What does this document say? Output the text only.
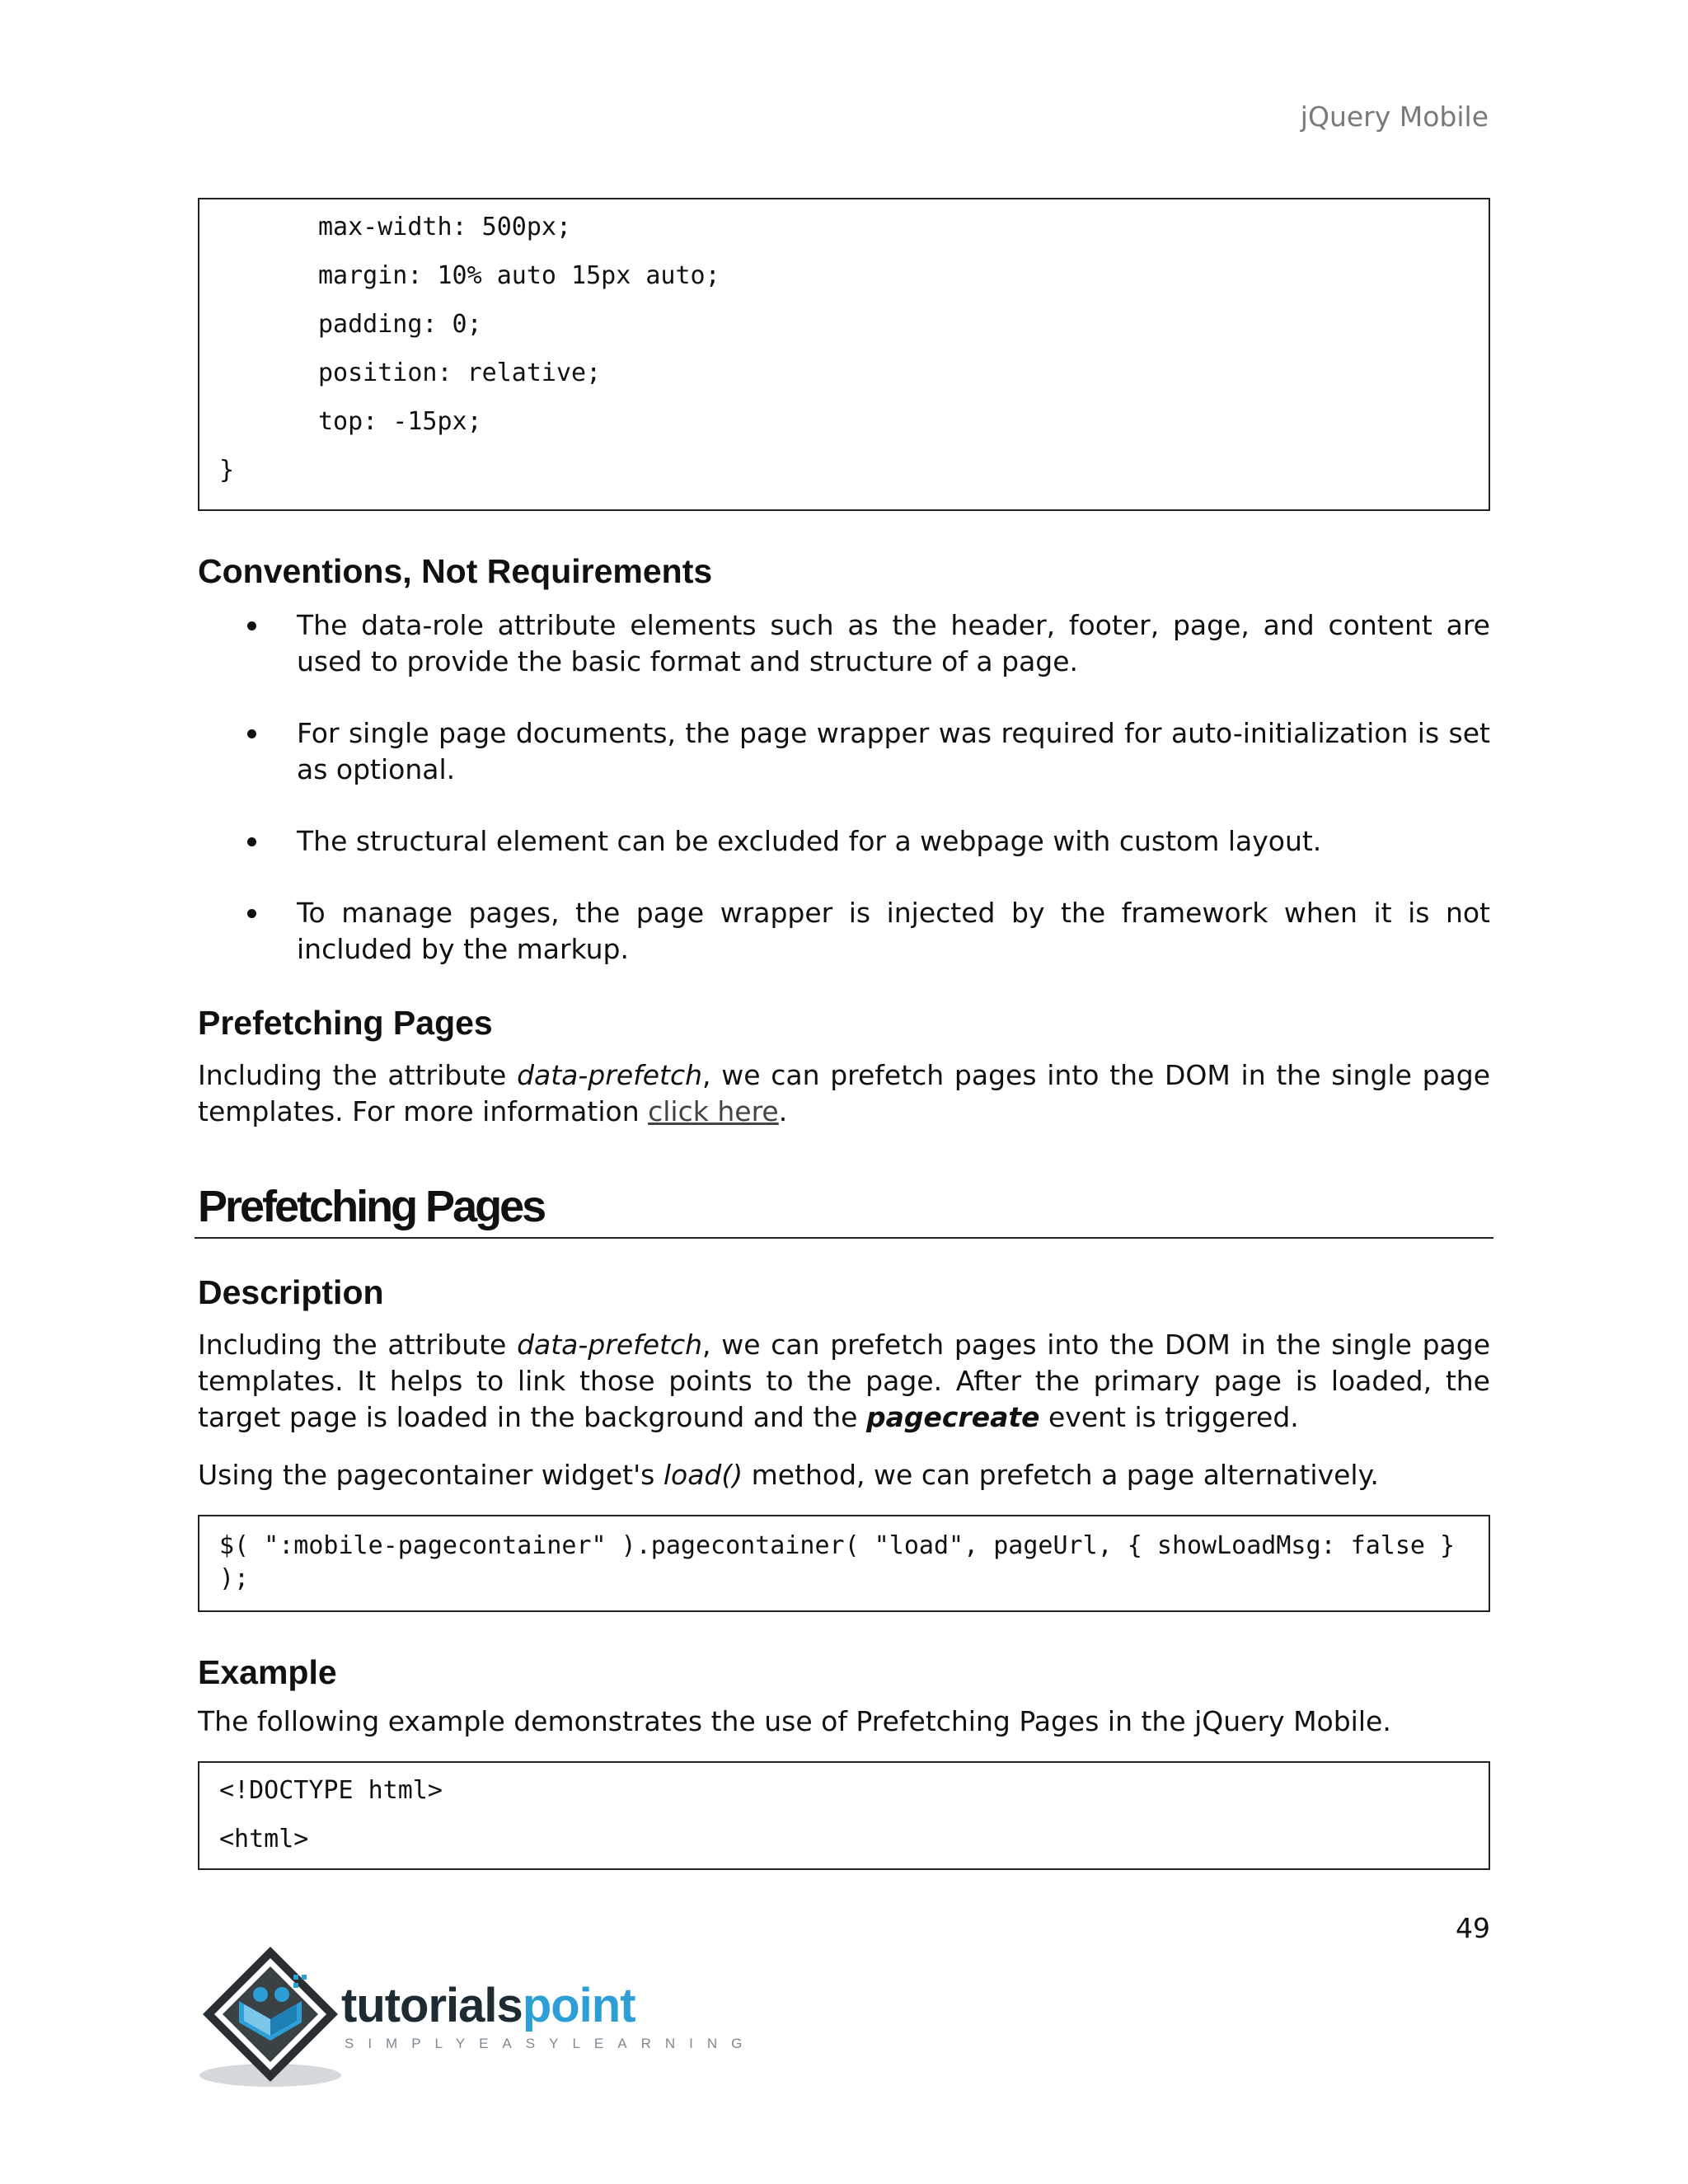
jQuery Mobile
max-width: 500px;
margin: 10% auto 15px auto;
padding: 0;
position: relative;
top: -15px;
}
Conventions, Not Requirements
The data-role attribute elements such as the header, footer, page, and content are used to provide the basic format and structure of a page.
For single page documents, the page wrapper was required for auto-initialization is set as optional.
The structural element can be excluded for a webpage with custom layout.
To manage pages, the page wrapper is injected by the framework when it is not included by the markup.
Prefetching Pages

Including the attribute data-prefetch, we can prefetch pages into the DOM in the single page templates. For more information click here.

Prefetching Pages
Description

Including the attribute data-prefetch, we can prefetch pages into the DOM in the single page templates. It helps to link those points to the page. After the primary page is loaded, the target page is loaded in the background and the pagecreate event is triggered.

Using the pagecontainer widget's load() method, we can prefetch a page alternatively.

$( ":mobile-pagecontainer" ).pagecontainer( "load", pageUrl, { showLoadMsg: false } );
Example

The following example demonstrates the use of Prefetching Pages in the jQuery Mobile.

<!DOCTYPE html>
<html>
49
tutorialspoint
SIMPLYEASYLEARNING
